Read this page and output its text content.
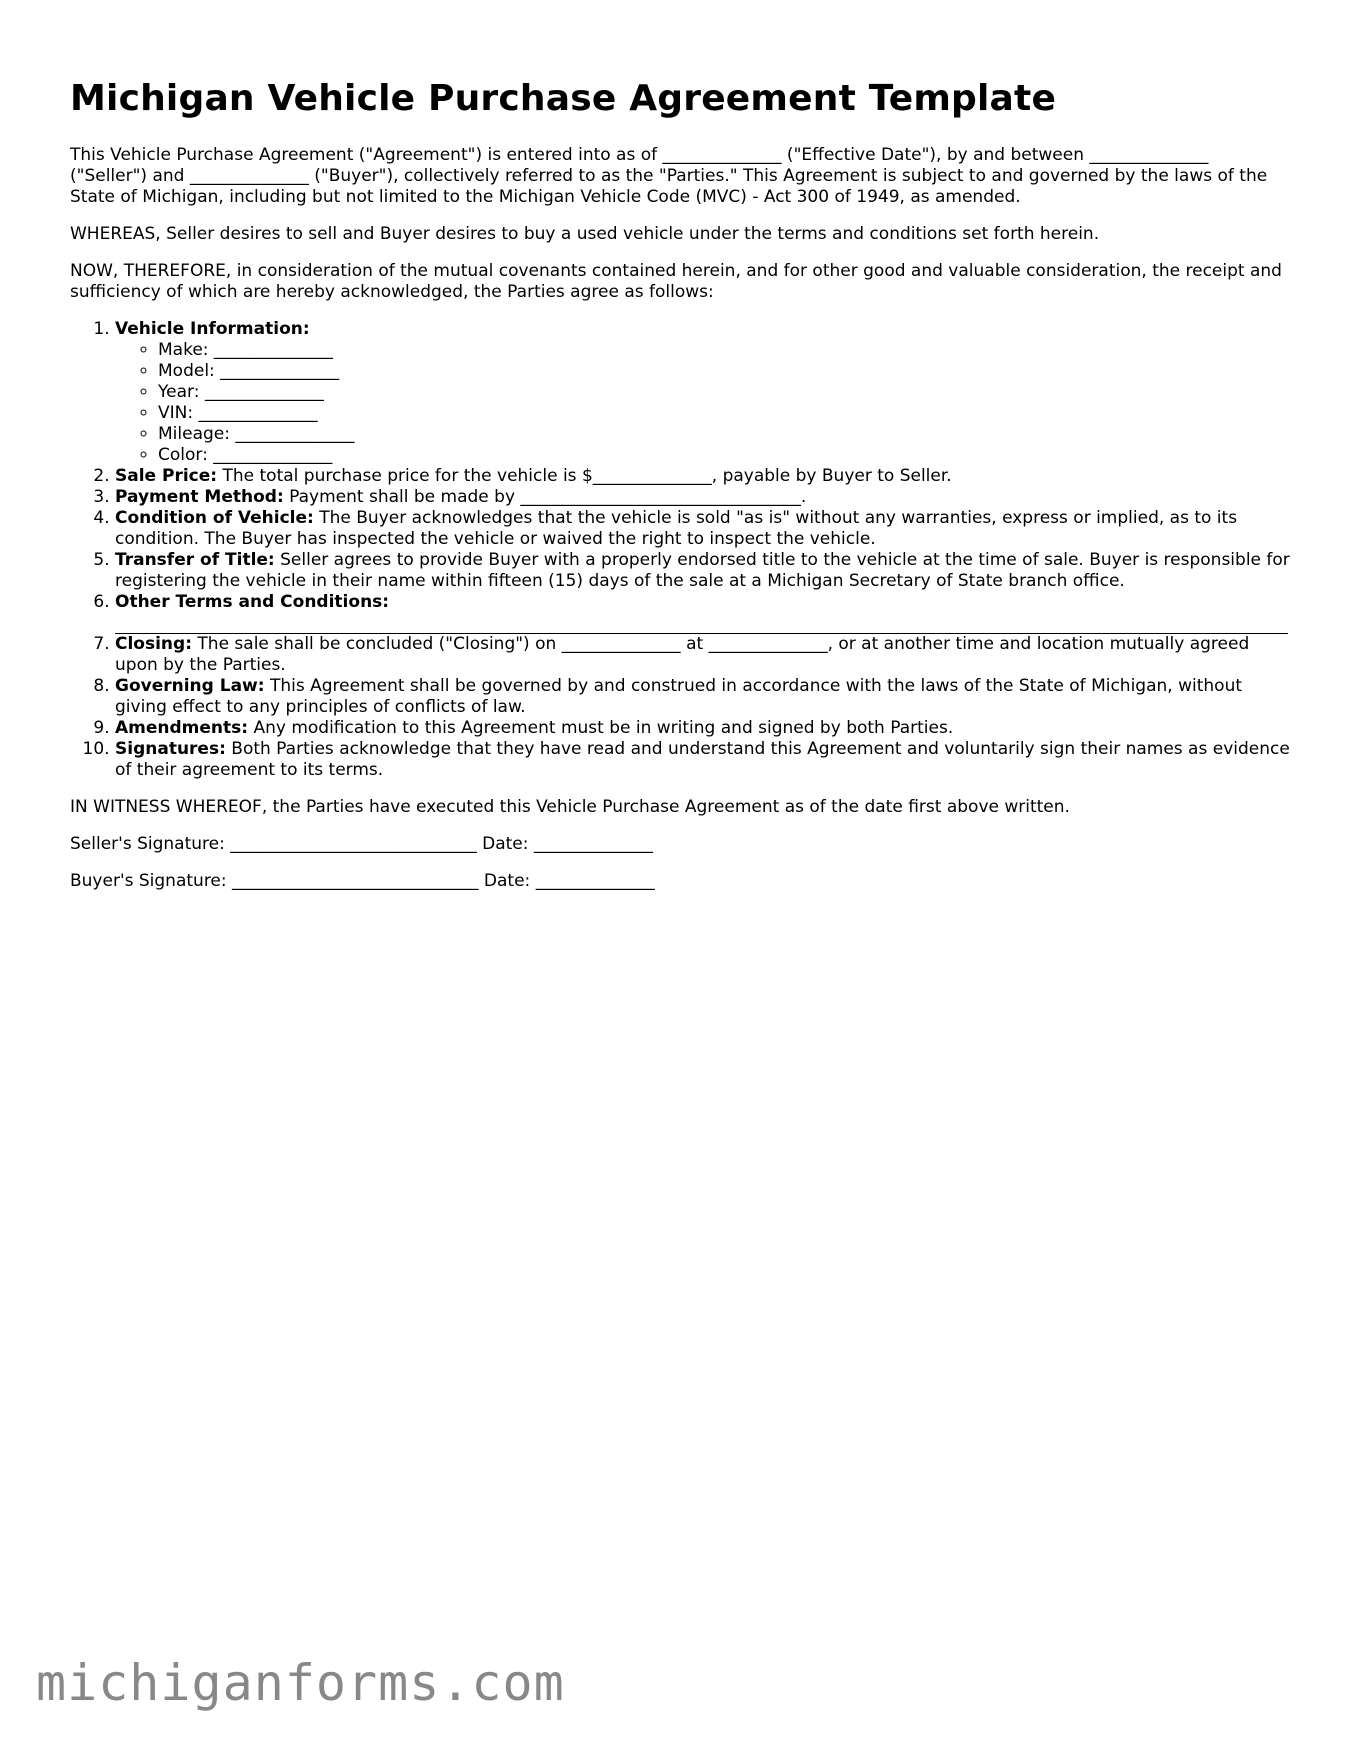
Michigan Vehicle Purchase Agreement Template

This Vehicle Purchase Agreement ("Agreement") is entered into as of ______________ ("Effective Date"), by and between ______________ ("Seller") and ______________ ("Buyer"), collectively referred to as the "Parties." This Agreement is subject to and governed by the laws of the State of Michigan, including but not limited to the Michigan Vehicle Code (MVC) - Act 300 of 1949, as amended.

WHEREAS, Seller desires to sell and Buyer desires to buy a used vehicle under the terms and conditions set forth herein.

NOW, THEREFORE, in consideration of the mutual covenants contained herein, and for other good and valuable consideration, the receipt and sufficiency of which are hereby acknowledged, the Parties agree as follows:

1. Vehicle Information:
◦ Make: ______________
◦ Model: ______________
◦ Year: ______________
◦ VIN: ______________
◦ Mileage: ______________
◦ Color: ______________
2. Sale Price: The total purchase price for the vehicle is $______________, payable by Buyer to Seller.
3. Payment Method: Payment shall be made by _________________________________.
4. Condition of Vehicle: The Buyer acknowledges that the vehicle is sold "as is" without any warranties, express or implied, as to its condition. The Buyer has inspected the vehicle or waived the right to inspect the vehicle.
5. Transfer of Title: Seller agrees to provide Buyer with a properly endorsed title to the vehicle at the time of sale. Buyer is responsible for registering the vehicle in their name within fifteen (15) days of the sale at a Michigan Secretary of State branch office.
6. Other Terms and Conditions:
7. Closing: The sale shall be concluded ("Closing") on ______________ at ______________, or at another time and location mutually agreed upon by the Parties.
8. Governing Law: This Agreement shall be governed by and construed in accordance with the laws of the State of Michigan, without giving effect to any principles of conflicts of law.
9. Amendments: Any modification to this Agreement must be in writing and signed by both Parties.
10. Signatures: Both Parties acknowledge that they have read and understand this Agreement and voluntarily sign their names as evidence of their agreement to its terms.

IN WITNESS WHEREOF, the Parties have executed this Vehicle Purchase Agreement as of the date first above written.

Seller's Signature: _____________________________ Date: ______________

Buyer's Signature: _____________________________ Date: ______________

michiganforms.com
